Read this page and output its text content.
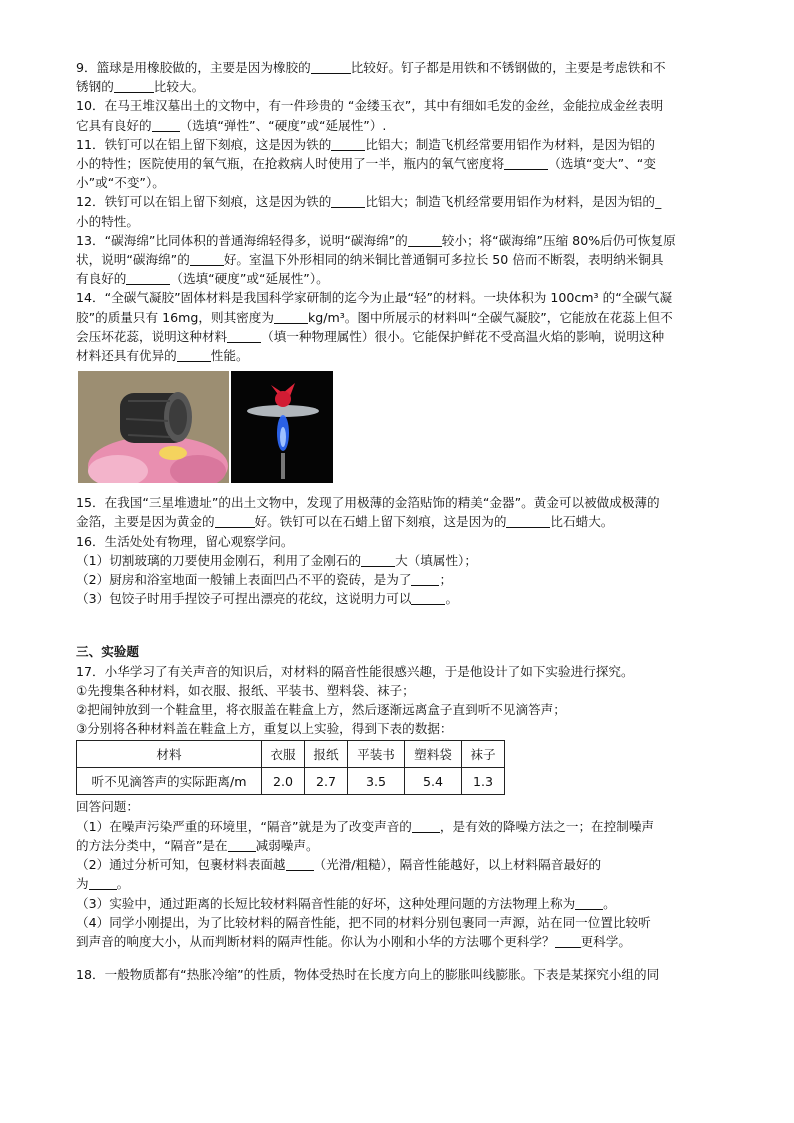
9．篮球是用橡胶做的，主要是因为橡胶的	比较好。钉子都是用铁和不锈钢做的，主要是考虑铁和不
锈钢的	比较大。

10．在马王堆汉墓出土的文物中，有一件珍贵的 “金缕玉衣”，其中有细如毛发的金丝，金能拉成金丝表明
它具有良好的 （选填“弹性”、“硬度”或“延展性”）.

11．铁钉可以在铝上留下刻痕，这是因为铁的	比铝大；制造飞机经常要用铝作为材料，是因为铝的
小的特性；医院使用的氧气瓶，在抢救病人时使用了一半，瓶内的氧气密度将	（选填“变大”、“变
小”或“不变”）。

12．铁钉可以在铝上留下刻痕，这是因为铁的	比铝大；制造飞机经常要用铝作为材料，是因为铝的_
小的特性。

13．“碳海绵”比同体积的普通海绵轻得多，说明“碳海绵”的	较小；将“碳海绵”压缩 80%后仍可恢复原
状，说明“碳海绵”的	好。室温下外形相同的纳米铜比普通铜可多拉长 50 倍而不断裂，表明纳米铜具
有良好的	（选填“硬度”或“延展性”）。

14．“全碳气凝胶”固体材料是我国科学家研制的迄今为止最“轻”的材料。一块体积为 100cm³ 的“全碳气凝
胶”的质量只有 16mg，则其密度为	kg/m³。图中所展示的材料叫“全碳气凝胶”，它能放在花蕊上但不
会压坏花蕊，说明这种材料	（填一种物理属性）很小。它能保护鲜花不受高温火焰的影响，说明这种
材料还具有优异的	性能。

15．在我国“三星堆遗址”的出土文物中，发现了用极薄的金箔贴饰的精美“金器”。黄金可以被做成极薄的
金箔，主要是因为黄金的	好。铁钉可以在石蜡上留下刻痕，这是因为的	比石蜡大。

16．生活处处有物理，留心观察学问。
（1）切割玻璃的刀要使用金刚石，利用了金刚石的	大（填属性）；
（2）厨房和浴室地面一般铺上表面凹凸不平的瓷砖，是为了 ；
（3）包饺子时用手捏饺子可捏出漂亮的花纹，这说明力可以	。

三、实验题

17．小华学习了有关声音的知识后，对材料的隔音性能很感兴趣，于是他设计了如下实验进行探究。
①先搜集各种材料，如衣服、报纸、平装书、塑料袋、袜子；
②把闹钟放到一个鞋盒里，将衣服盖在鞋盒上方，然后逐渐远离盒子直到听不见滴答声；
③分别将各种材料盖在鞋盒上方，重复以上实验，得到下表的数据：

材料	衣服	报纸	平装书	塑料袋	袜子
听不见滴答声的实际距离/m	2.0	2.7	3.5	5.4	1.3

回答问题：
（1）在噪声污染严重的环境里，“隔音”就是为了改变声音的 ，是有效的降噪方法之一；在控制噪声
的方法分类中，“隔音”是在 减弱噪声。
（2）通过分析可知，包裹材料表面越 （光滑/粗糙），隔音性能越好，以上材料隔音最好的
为 。
（3）实验中，通过距离的长短比较材料隔音性能的好坏，这种处理问题的方法物理上称为 。
（4）同学小刚提出，为了比较材料的隔音性能，把不同的材料分别包裹同一声源，站在同一位置比较听
到声音的响度大小，从而判断材料的隔声性能。你认为小刚和小华的方法哪个更科学？ 更科学。

18．一般物质都有“热胀冷缩”的性质，物体受热时在长度方向上的膨胀叫线膨胀。下表是某探究小组的同
